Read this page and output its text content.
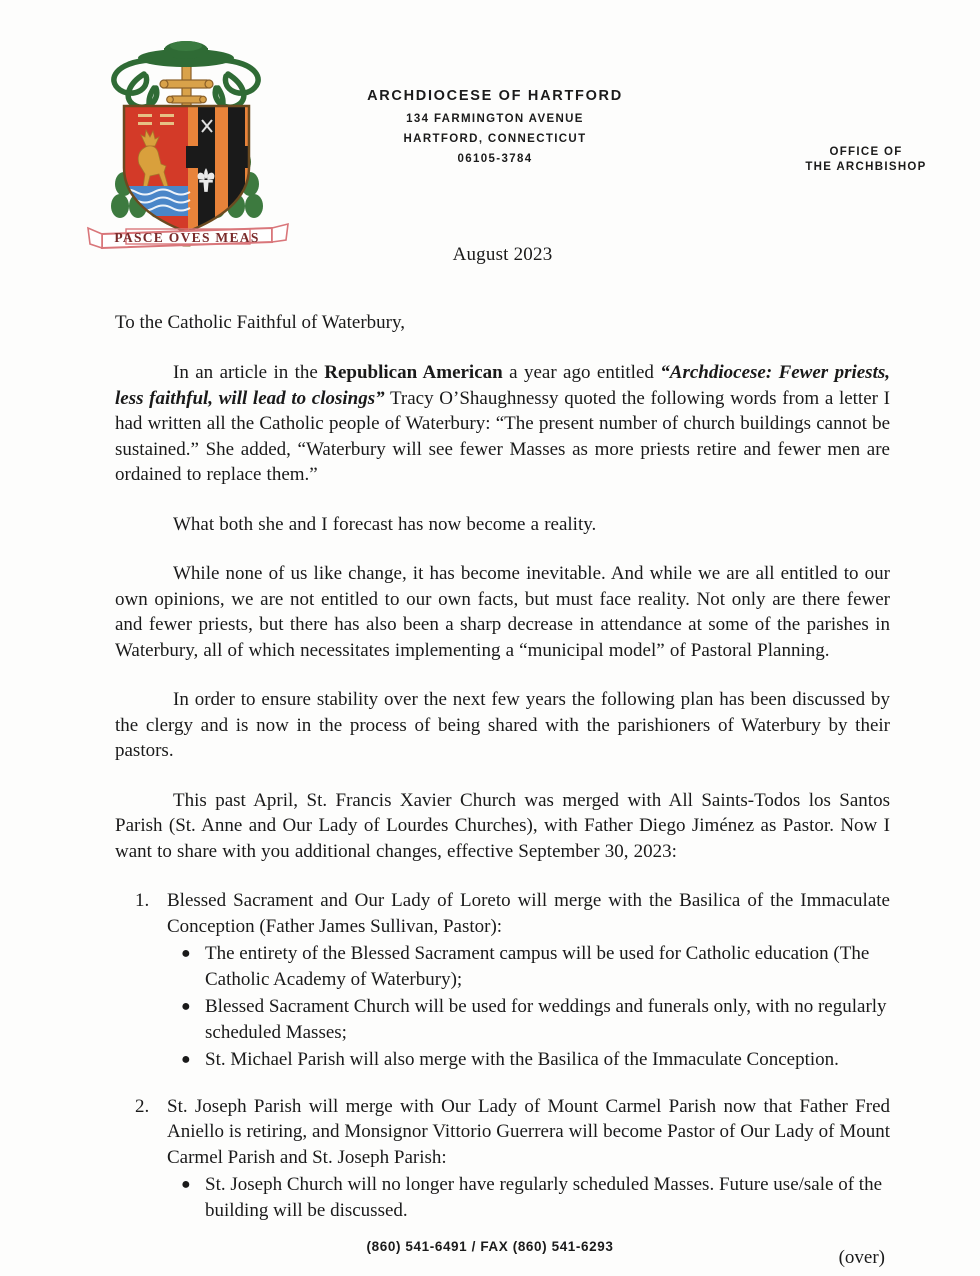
PASCE OVES MEAS
ARCHDIOCESE OF HARTFORD
134 FARMINGTON AVENUE
HARTFORD, CONNECTICUT
06105-3784
OFFICE OF
THE ARCHBISHOP
August 2023
To the Catholic Faithful of Waterbury,

In an article in the Republican American a year ago entitled “Archdiocese: Fewer priests, less faithful, will lead to closings” Tracy O’Shaughnessy quoted the following words from a letter I had written all the Catholic people of Waterbury: “The present number of church buildings cannot be sustained.” She added, “Waterbury will see fewer Masses as more priests retire and fewer men are ordained to replace them.”

What both she and I forecast has now become a reality.

While none of us like change, it has become inevitable. And while we are all entitled to our own opinions, we are not entitled to our own facts, but must face reality. Not only are there fewer and fewer priests, but there has also been a sharp decrease in attendance at some of the parishes in Waterbury, all of which necessitates implementing a “municipal model” of Pastoral Planning.

In order to ensure stability over the next few years the following plan has been discussed by the clergy and is now in the process of being shared with the parishioners of Waterbury by their pastors.

This past April, St. Francis Xavier Church was merged with All Saints-Todos los Santos Parish (St. Anne and Our Lady of Lourdes Churches), with Father Diego Jiménez as Pastor. Now I want to share with you additional changes, effective September 30, 2023:

1. Blessed Sacrament and Our Lady of Loreto will merge with the Basilica of the Immaculate Conception (Father James Sullivan, Pastor):
● The entirety of the Blessed Sacrament campus will be used for Catholic education (The Catholic Academy of Waterbury);
● Blessed Sacrament Church will be used for weddings and funerals only, with no regularly scheduled Masses;
● St. Michael Parish will also merge with the Basilica of the Immaculate Conception.
2. St. Joseph Parish will merge with Our Lady of Mount Carmel Parish now that Father Fred Aniello is retiring, and Monsignor Vittorio Guerrera will become Pastor of Our Lady of Mount Carmel Parish and St. Joseph Parish:
● St. Joseph Church will no longer have regularly scheduled Masses. Future use/sale of the building will be discussed.
(over)
(860) 541-6491 / FAX (860) 541-6293
